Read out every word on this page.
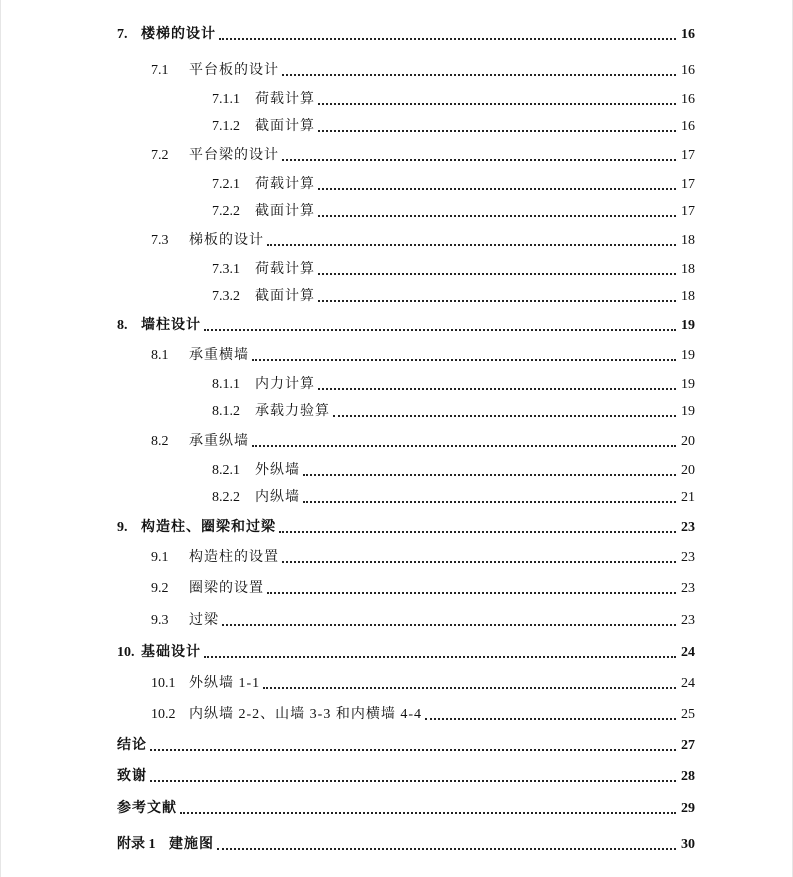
7. 楼梯的设计	16
7.1	平台板的设计	16
7.1.1	荷载计算	16
7.1.2	截面计算	16
7.2	平台梁的设计	17
7.2.1	荷载计算	17
7.2.2	截面计算	17
7.3	梯板的设计	18
7.3.1	荷载计算	18
7.3.2	截面计算	18
8. 墙柱设计	19
8.1	承重横墙	19
8.1.1	内力计算	19
8.1.2	承载力验算	19
8.2	承重纵墙	20
8.2.1	外纵墙	20
8.2.2	内纵墙	21
9. 构造柱、圈梁和过梁	23
9.1	构造柱的设置	23
9.2	圈梁的设置	23
9.3	过梁	23
10. 基础设计	24
10.1 外纵墙 1-1	24
10.2 内纵墙 2-2、山墙 3-3 和内横墙 4-4	25
结论	27
致谢	28
参考文献	29
附录 1 建施图	30
